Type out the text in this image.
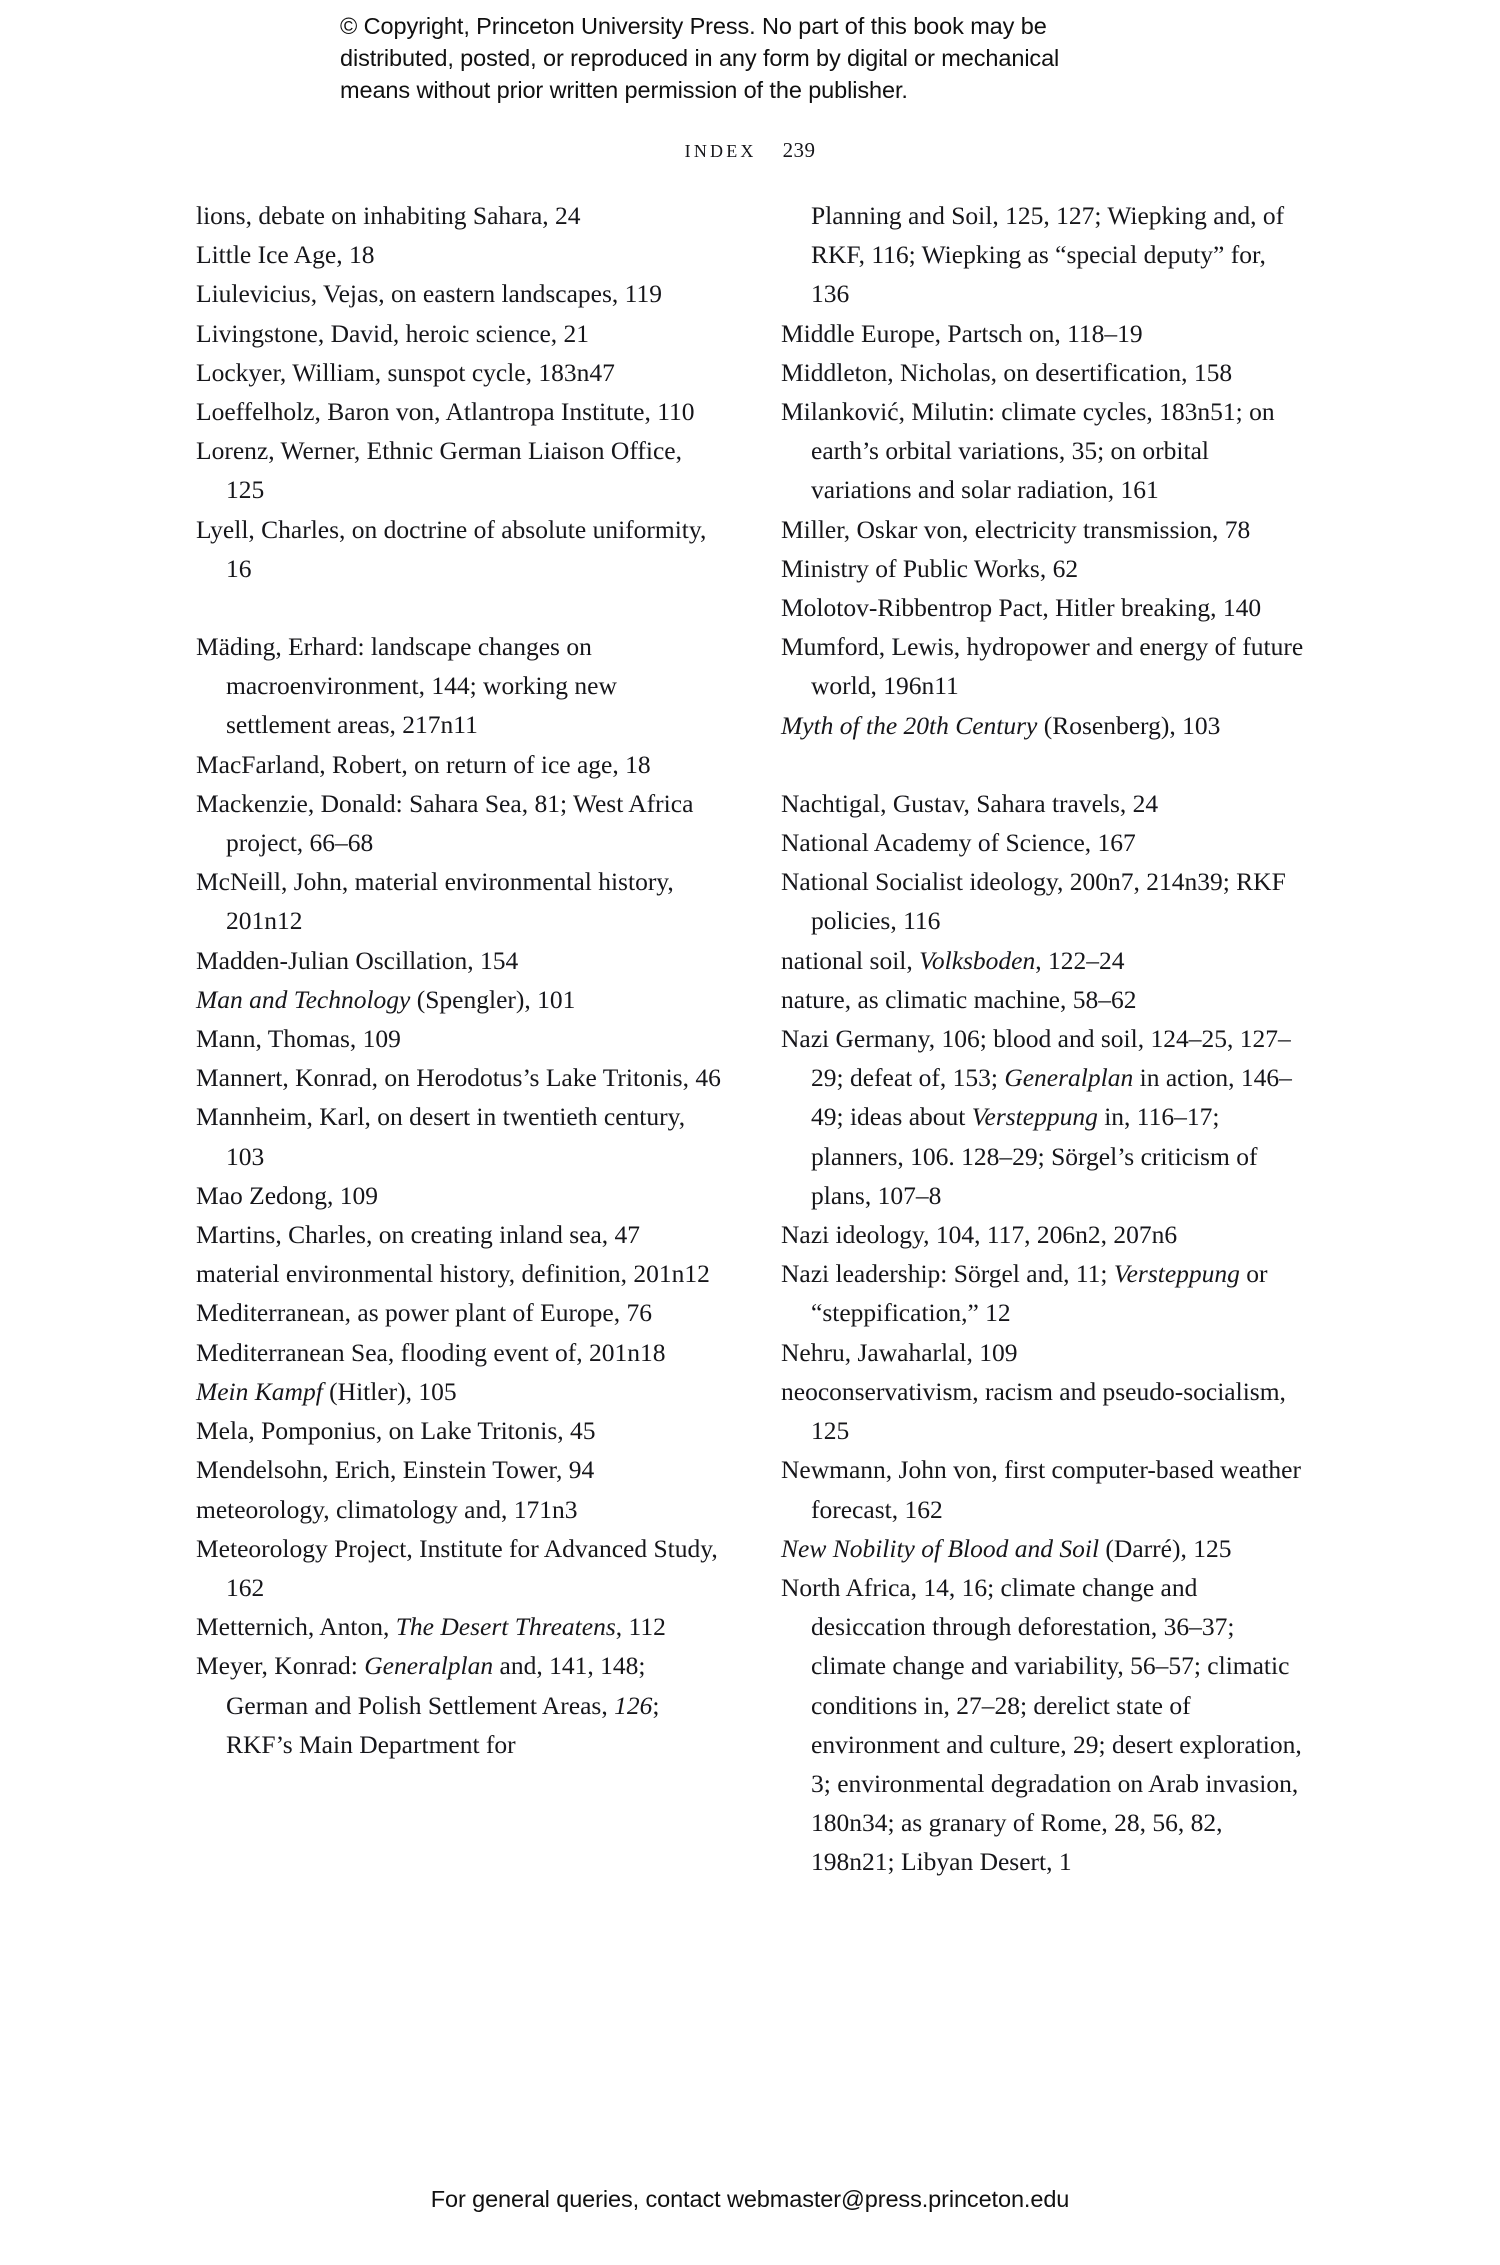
© Copyright, Princeton University Press. No part of this book may be
distributed, posted, or reproduced in any form by digital or mechanical
means without prior written permission of the publisher.
INDEX 239

lions, debate on inhabiting Sahara, 24

Little Ice Age, 18

Liulevicius, Vejas, on eastern landscapes, 119

Livingstone, David, heroic science, 21

Lockyer, William, sunspot cycle, 183n47

Loeffelholz, Baron von, Atlantropa Institute, 110

Lorenz, Werner, Ethnic German Liaison Office, 125

Lyell, Charles, on doctrine of absolute uniformity, 16

Mäding, Erhard: landscape changes on macroenvironment, 144; working new settlement areas, 217n11

MacFarland, Robert, on return of ice age, 18

Mackenzie, Donald: Sahara Sea, 81; West Africa project, 66–68

McNeill, John, material environmental history, 201n12

Madden-Julian Oscillation, 154

Man and Technology (Spengler), 101

Mann, Thomas, 109

Mannert, Konrad, on Herodotus’s Lake Tritonis, 46

Mannheim, Karl, on desert in twentieth century, 103

Mao Zedong, 109

Martins, Charles, on creating inland sea, 47

material environmental history, definition, 201n12

Mediterranean, as power plant of Europe, 76

Mediterranean Sea, flooding event of, 201n18

Mein Kampf (Hitler), 105

Mela, Pomponius, on Lake Tritonis, 45

Mendelsohn, Erich, Einstein Tower, 94

meteorology, climatology and, 171n3

Meteorology Project, Institute for Advanced Study, 162

Metternich, Anton, The Desert Threatens, 112

Meyer, Konrad: Generalplan and, 141, 148; German and Polish Settlement Areas, 126; RKF’s Main Department for

Planning and Soil, 125, 127; Wiepking and, of RKF, 116; Wiepking as “special deputy” for, 136

Middle Europe, Partsch on, 118–19

Middleton, Nicholas, on desertification, 158

Milanković, Milutin: climate cycles, 183n51; on earth’s orbital variations, 35; on orbital variations and solar radiation, 161

Miller, Oskar von, electricity transmission, 78

Ministry of Public Works, 62

Molotov-Ribbentrop Pact, Hitler breaking, 140

Mumford, Lewis, hydropower and energy of future world, 196n11

Myth of the 20th Century (Rosenberg), 103

Nachtigal, Gustav, Sahara travels, 24

National Academy of Science, 167

National Socialist ideology, 200n7, 214n39; RKF policies, 116

national soil, Volksboden, 122–24

nature, as climatic machine, 58–62

Nazi Germany, 106; blood and soil, 124–25, 127–29; defeat of, 153; Generalplan in action, 146–49; ideas about Versteppung in, 116–17; planners, 106. 128–29; Sörgel’s criticism of plans, 107–8

Nazi ideology, 104, 117, 206n2, 207n6

Nazi leadership: Sörgel and, 11; Versteppung or “steppification,” 12

Nehru, Jawaharlal, 109

neoconservativism, racism and pseudo-socialism, 125

Newmann, John von, first computer-based weather forecast, 162

New Nobility of Blood and Soil (Darré), 125

North Africa, 14, 16; climate change and desiccation through deforestation, 36–37; climate change and variability, 56–57; climatic conditions in, 27–28; derelict state of environment and culture, 29; desert exploration, 3; environmental degradation on Arab invasion, 180n34; as granary of Rome, 28, 56, 82, 198n21; Libyan Desert, 1

For general queries, contact webmaster@press.princeton.edu
